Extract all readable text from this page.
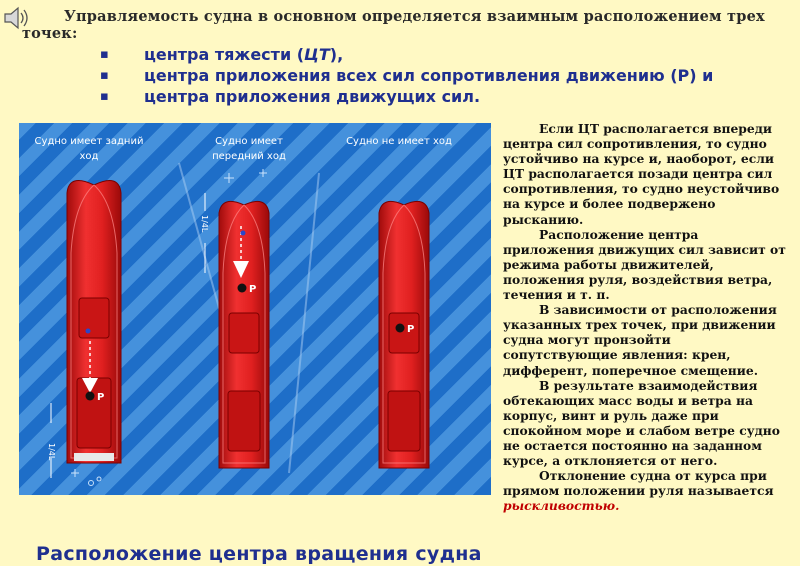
Управляемость судна в основном определяется взаимным расположением трех
точек:
▪ центра тяжести (ЦТ),
▪ центра приложения всех сил сопротивления движению (Р) и
▪ центра приложения движущих сил.
Судно имеет задний ход
Судно имеет передний ход
Судно не имеет ход
P
1/4L
P
1/4L
P

Если ЦТ располагается впереди центра сил сопротивления, то судно устойчиво на курсе и, наоборот, если ЦТ располагается позади центра сил сопротивления, то судно неустойчиво на курсе и более подвержено рысканию.

Расположение центра приложения движущих сил зависит от режима работы движителей, положения руля, воздействия ветра, течения и т. п.

В зависимости от расположения указанных трех точек, при движении судна могут пронзойти сопутствующие явления: крен, дифферент, поперечное смещение.

В результате взаимодействия обтекающих масс воды и ветра на корпус, винт и руль даже при спокойном море и слабом ветре судно не остается постоянно на заданном курсе, а отклоняется от него.

Отклонение судна от курса при прямом положении руля называется рыскливостью.

Расположение центра вращения судна
